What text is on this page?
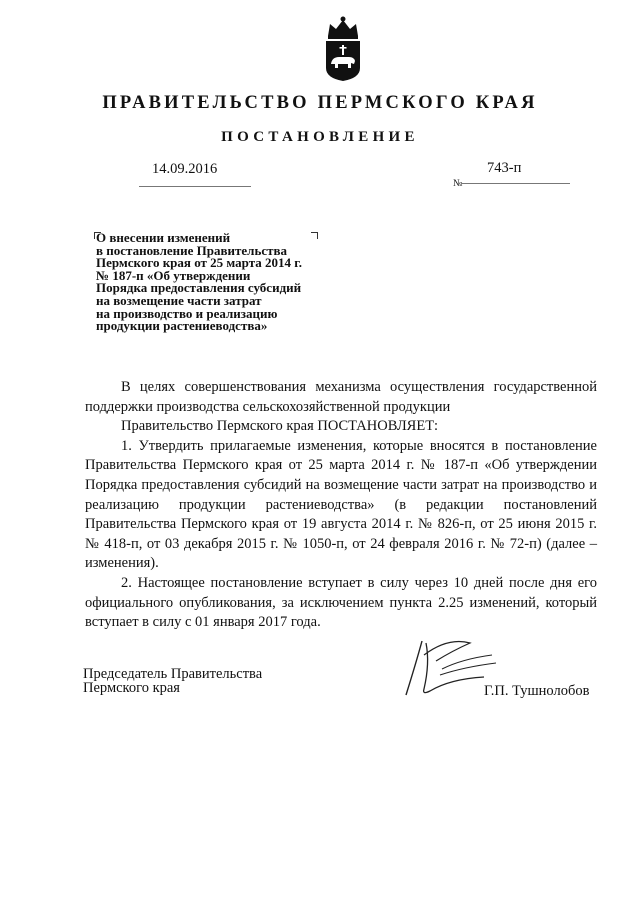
ПРАВИТЕЛЬСТВО ПЕРМСКОГО КРАЯ
ПОСТАНОВЛЕНИЕ
14.09.2016
№
743-п
О внесении изменений
в постановление Правительства
Пермского края от 25 марта 2014 г.
№ 187-п «Об утверждении
Порядка предоставления субсидий
на возмещение части затрат
на производство и реализацию
продукции растениеводства»

В целях совершенствования механизма осуществления государственной поддержки производства сельскохозяйственной продукции

Правительство Пермского края ПОСТАНОВЛЯЕТ:

1. Утвердить прилагаемые изменения, которые вносятся в постановление Правительства Пермского края от 25 марта 2014 г. № 187-п «Об утверждении Порядка предоставления субсидий на возмещение части затрат на производство и реализацию продукции растениеводства» (в редакции постановлений Правительства Пермского края от 19 августа 2014 г. № 826-п, от 25 июня 2015 г. № 418-п, от 03 декабря 2015 г. № 1050-п, от 24 февраля 2016 г. № 72-п) (далее – изменения).

2. Настоящее постановление вступает в силу через 10 дней после дня его официального опубликования, за исключением пункта 2.25 изменений, который вступает в силу с 01 января 2017 года.

Председатель Правительства
Пермского края	Г.П. Тушнолобов
